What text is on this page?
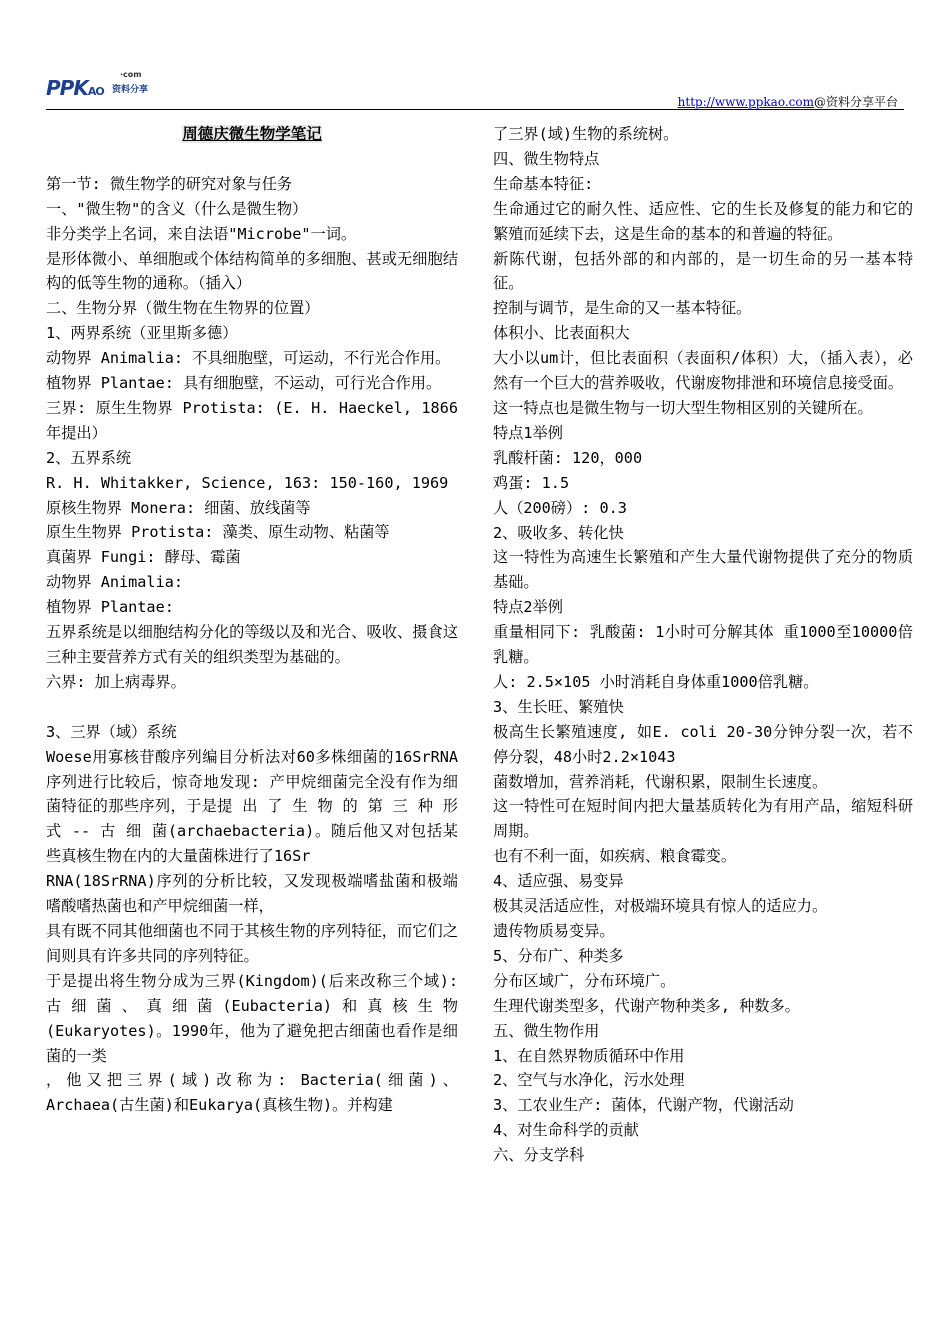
PPKAO
·com
资料分享
http://www.ppkao.com@资料分享平台

周德庆微生物学笔记

第一节: 微生物学的研究对象与任务

一、"微生物"的含义（什么是微生物）

非分类学上名词，来自法语"Microbe"一词。

是形体微小、单细胞或个体结构简单的多细胞、甚或无细胞结构的低等生物的通称。（插入）

二、生物分界（微生物在生物界的位置）

1、两界系统（亚里斯多德）

动物界 Animalia: 不具细胞壁，可运动，不行光合作用。

植物界 Plantae: 具有细胞壁，不运动，可行光合作用。

三界: 原生生物界 Protista: (E. H. Haeckel, 1866年提出）

2、五界系统

R. H. Whitakker, Science, 163: 150-160, 1969

原核生物界 Monera: 细菌、放线菌等

原生生物界 Protista: 藻类、原生动物、粘菌等

真菌界 Fungi: 酵母、霉菌

动物界 Animalia:

植物界 Plantae:

五界系统是以细胞结构分化的等级以及和光合、吸收、摄食这三种主要营养方式有关的组织类型为基础的。

六界: 加上病毒界。

3、三界（域）系统

Woese用寡核苷酸序列编目分析法对60多株细菌的16SrRNA序列进行比较后，惊奇地发现: 产甲烷细菌完全没有作为细菌特征的那些序列，于是提 出 了 生 物 的 第 三 种 形 式 -- 古 细 菌(archaebacteria)。随后他又对包括某些真核生物在内的大量菌株进行了16Sr

RNA(18SrRNA)序列的分析比较，又发现极端嗜盐菌和极端嗜酸嗜热菌也和产甲烷细菌一样，

具有既不同其他细菌也不同于其核生物的序列特征，而它们之间则具有许多共同的序列特征。

于是提出将生物分成为三界(Kingdom)(后来改称三个域): 古细菌、真细菌(Eubacteria)和真核生物(Eukaryotes)。1990年，他为了避免把古细菌也看作是细菌的一类

，他又把三界(域)改称为: Bacteria(细菌)、Archaea(古生菌)和Eukarya(真核生物)。并构建

了三界(域)生物的系统树。

四、微生物特点

生命基本特征:

生命通过它的耐久性、适应性、它的生长及修复的能力和它的繁殖而延续下去，这是生命的基本的和普遍的特征。

新陈代谢，包括外部的和内部的，是一切生命的另一基本特征。

控制与调节，是生命的又一基本特征。

体积小、比表面积大

大小以um计，但比表面积（表面积/体积）大，（插入表），必然有一个巨大的营养吸收，代谢废物排泄和环境信息接受面。

这一特点也是微生物与一切大型生物相区别的关键所在。

特点1举例

乳酸杆菌: 120，000

鸡蛋: 1.5

人（200磅）: 0.3

2、吸收多、转化快

这一特性为高速生长繁殖和产生大量代谢物提供了充分的物质基础。

特点2举例

重量相同下: 乳酸菌: 1小时可分解其体 重1000至10000倍乳糖。

人: 2.5×105 小时消耗自身体重1000倍乳糖。

3、生长旺、繁殖快

极高生长繁殖速度, 如E. coli 20-30分钟分裂一次，若不停分裂，48小时2.2×1043

菌数增加，营养消耗，代谢积累，限制生长速度。

这一特性可在短时间内把大量基质转化为有用产品，缩短科研周期。

也有不利一面，如疾病、粮食霉变。

4、适应强、易变异

极其灵活适应性，对极端环境具有惊人的适应力。

遗传物质易变异。

5、分布广、种类多

分布区域广，分布环境广。

生理代谢类型多，代谢产物种类多, 种数多。

五、微生物作用

1、在自然界物质循环中作用

2、空气与水净化，污水处理

3、工农业生产: 菌体，代谢产物，代谢活动

4、对生命科学的贡献

六、分支学科
